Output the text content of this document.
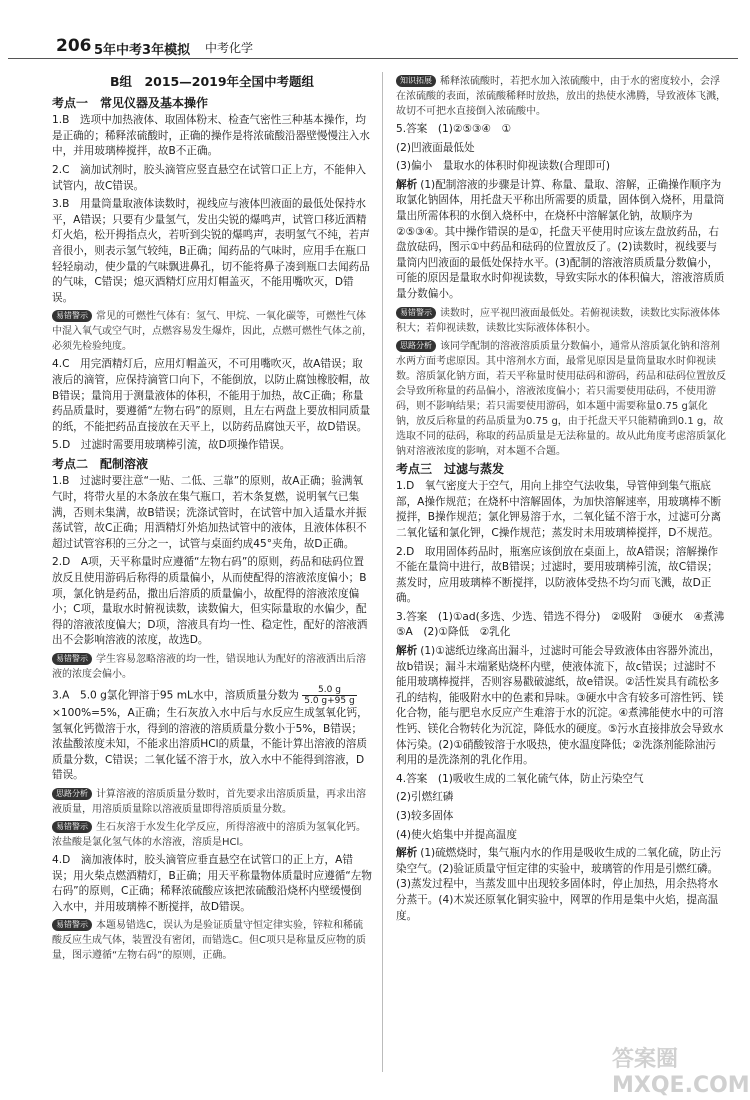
206 5年中考3年模拟 中考化学
B组　2015—2019年全国中考题组
考点一　常见仪器及基本操作
1.B　选项中加热液体、取固体粉末、检查气密性三种基本操作，均是正确的；稀释浓硫酸时，正确的操作是将浓硫酸沿器壁慢慢注入水中，并用玻璃棒搅拌，故B不正确。
2.C　滴加试剂时，胶头滴管应竖直悬空在试管口正上方，不能伸入试管内，故C错误。
3.B　用量筒量取液体读数时，视线应与液体凹液面的最低处保持水平，A错误；只要有少量氢气，发出尖锐的爆鸣声，试管口移近酒精灯火焰，松开拇指点火，若听到尖锐的爆鸣声，表明氢气不纯，若声音很小，则表示氢气较纯，B正确；闻药品的气味时，应用手在瓶口轻轻扇动，使少量的气味飘进鼻孔，切不能将鼻子凑到瓶口去闻药品的气味，C错误；熄灭酒精灯应用灯帽盖灭，不能用嘴吹灭，D错误。
易错警示 常见的可燃性气体有：氢气、甲烷、一氧化碳等，可燃性气体中混入氧气或空气时，点燃容易发生爆炸，因此，点燃可燃性气体之前，必须先检验纯度。
4.C　用完酒精灯后，应用灯帽盖灭，不可用嘴吹灭，故A错误；取液后的滴管，应保持滴管口向下，不能倒放，以防止腐蚀橡胶帽，故B错误；量筒用于测量液体的体积，不能用于加热，故C正确；称量药品质量时，要遵循“左物右码”的原则，且左右两盘上要放相同质量的纸，不能把药品直接放在天平上，以防药品腐蚀天平，故D错误。
5.D　过滤时需要用玻璃棒引流，故D项操作错误。
考点二　配制溶液
1.B　过滤时要注意“一贴、二低、三靠”的原则，故A正确；验满氧气时，将带火星的木条放在集气瓶口，若木条复燃，说明氧气已集满，否则未集满，故B错误；洗涤试管时，在试管中加入适量水并振荡试管，故C正确；用酒精灯外焰加热试管中的液体，且液体体积不超过试管容积的三分之一，试管与桌面约成45°夹角，故D正确。
2.D　A项，天平称量时应遵循“左物右码”的原则，药品和砝码位置放反且使用游码后称得的质量偏小，从而使配得的溶液浓度偏小；B项，氯化钠是药品，撒出后溶质的质量偏小，故配得的溶液浓度偏小；C项，量取水时俯视读数，读数偏大，但实际量取的水偏少，配得的溶液浓度偏大；D项，溶液具有均一性、稳定性，配好的溶液洒出不会影响溶液的浓度，故选D。
易错警示 学生容易忽略溶液的均一性，错误地认为配好的溶液洒出后溶液的浓度会偏小。
3.A　5.0 g氯化钾溶于95 mL水中，溶质质量分数为 $\frac{5.0 g}{5.0 g+95 g}$
×100%=5%，A正确；生石灰放入水中后与水反应生成氢氧化钙，氢氧化钙微溶于水，得到的溶液的溶质质量分数小于5%，B错误；浓盐酸浓度未知，不能求出溶质HCl的质量，不能计算出溶液的溶质质量分数，C错误；二氧化锰不溶于水，放入水中不能得到溶液，D错误。
思路分析 计算溶液的溶质质量分数时，首先要求出溶质质量，再求出溶液质量，用溶质质量除以溶液质量即得溶质质量分数。
易错警示 生石灰溶于水发生化学反应，所得溶液中的溶质为氢氧化钙。浓盐酸是氯化氢气体的水溶液，溶质是HCl。
4.D　滴加液体时，胶头滴管应垂直悬空在试管口的正上方，A错误；用火柴点燃酒精灯，B正确；用天平称量物体质量时应遵循“左物右码”的原则，C正确；稀释浓硫酸应该把浓硫酸沿烧杯内壁缓慢倒入水中，并用玻璃棒不断搅拌，故D错误。
易错警示 本题易错选C，误认为是验证质量守恒定律实验，锌粒和稀硫酸反应生成气体，装置没有密闭，而错选C。但C项只是称量反应物的质量，图示遵循“左物右码”的原则，正确。
知识拓展 稀释浓硫酸时，若把水加入浓硫酸中，由于水的密度较小，会浮在浓硫酸的表面，浓硫酸稀释时放热，放出的热使水沸腾，导致液体飞溅，故切不可把水直接倒入浓硫酸中。
5.答案　(1)②⑤③④　①
(2)凹液面最低处
(3)偏小　量取水的体积时仰视读数(合理即可)
解析 (1)配制溶液的步骤是计算、称量、量取、溶解，正确操作顺序为取氯化钠固体，用托盘天平称出所需要的质量，固体倒入烧杯，用量筒量出所需体积的水倒入烧杯中，在烧杯中溶解氯化钠，故顺序为②⑤③④。其中操作错误的是①，托盘天平使用时应该左盘放药品，右盘放砝码，图示①中药品和砝码的位置放反了。(2)读数时，视线要与量筒内凹液面的最低处保持水平。(3)配制的溶液溶质质量分数偏小，可能的原因是量取水时仰视读数，导致实际水的体积偏大，溶液溶质质量分数偏小。
易错警示 读数时，应平视凹液面最低处。若俯视读数，读数比实际液体体积大；若仰视读数，读数比实际液体体积小。
思路分析 该同学配制的溶液溶质质量分数偏小，通常从溶质氯化钠和溶剂水两方面考虑原因。其中溶剂水方面，最常见原因是量筒量取水时仰视读数。溶质氯化钠方面，若天平称量时使用砝码和游码，药品和砝码位置放反会导致所称量的药品偏小，溶液浓度偏小；若只需要使用砝码，不使用游码，则不影响结果；若只需要使用游码，如本题中需要称量0.75 g氯化钠，放反后称量的药品质量为0.75 g，由于托盘天平只能精确到0.1 g，故选取不同的砝码，称取的药品质量是无法称量的。故从此角度考虑溶质氯化钠对溶液浓度的影响，对本题不合题。
考点三　过滤与蒸发
1.D　氧气密度大于空气，用向上排空气法收集，导管伸到集气瓶底部，A操作规范；在烧杯中溶解固体，为加快溶解速率，用玻璃棒不断搅拌，B操作规范；氯化钾易溶于水，二氧化锰不溶于水，过滤可分离二氧化锰和氯化钾，C操作规范；蒸发时未用玻璃棒搅拌，D不规范。
2.D　取用固体药品时，瓶塞应该倒放在桌面上，故A错误；溶解操作不能在量筒中进行，故B错误；过滤时，要用玻璃棒引流，故C错误；蒸发时，应用玻璃棒不断搅拌，以防液体受热不均匀而飞溅，故D正确。
3.答案　(1)①ad(多选、少选、错选不得分)　②吸附　③硬水　④煮沸　⑤A　(2)①降低　②乳化
解析 (1)①滤纸边缘高出漏斗，过滤时可能会导致液体由容器外流出，故b错误；漏斗末端紧贴烧杯内壁，使液体流下，故c错误；过滤时不能用玻璃棒搅拌，否则容易戳破滤纸，故e错误。②活性炭具有疏松多孔的结构，能吸附水中的色素和异味。③硬水中含有较多可溶性钙、镁化合物，能与肥皂水反应产生难溶于水的沉淀。④煮沸能使水中的可溶性钙、镁化合物转化为沉淀，降低水的硬度。⑤污水直接排放会导致水体污染。(2)①硝酸铵溶于水吸热，使水温度降低；②洗涤剂能除油污利用的是洗涤剂的乳化作用。
4.答案　(1)吸收生成的二氧化硫气体，防止污染空气
(2)引燃红磷
(3)较多固体
(4)使火焰集中并提高温度
解析 (1)硫燃烧时，集气瓶内水的作用是吸收生成的二氧化硫，防止污染空气。(2)验证质量守恒定律的实验中，玻璃管的作用是引燃红磷。(3)蒸发过程中，当蒸发皿中出现较多固体时，停止加热，用余热将水分蒸干。(4)木炭还原氧化铜实验中，网罩的作用是集中火焰，提高温度。
答案圈 MXQE.COM
